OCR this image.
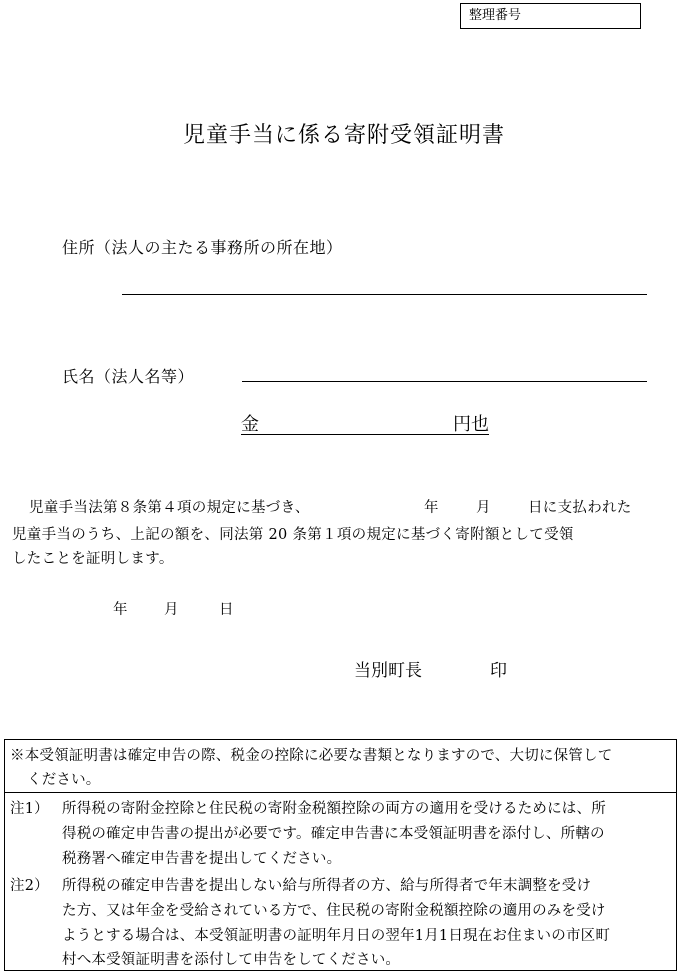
整理番号
児童手当に係る寄附受領証明書
住所（法人の主たる事務所の所在地）
氏名（法人名等）
金	円也
児童手当法第８条第４項の規定に基づき、	年	月	日に支払われた
児童手当のうち、上記の額を、同法第 20 条第１項の規定に基づく寄附額として受領
したことを証明します。
年	月	日
当別町長	印
※本受領証明書は確定申告の際、税金の控除に必要な書類となりますので、大切に保管して
ください。
注1） 所得税の寄附金控除と住民税の寄附金税額控除の両方の適用を受けるためには、所
得税の確定申告書の提出が必要です。確定申告書に本受領証明書を添付し、所轄の
税務署へ確定申告書を提出してください。
注2） 所得税の確定申告書を提出しない給与所得者の方、給与所得者で年末調整を受け
た方、又は年金を受給されている方で、住民税の寄附金税額控除の適用のみを受け
ようとする場合は、本受領証明書の証明年月日の翌年1月1日現在お住まいの市区町
村へ本受領証明書を添付して申告をしてください。
